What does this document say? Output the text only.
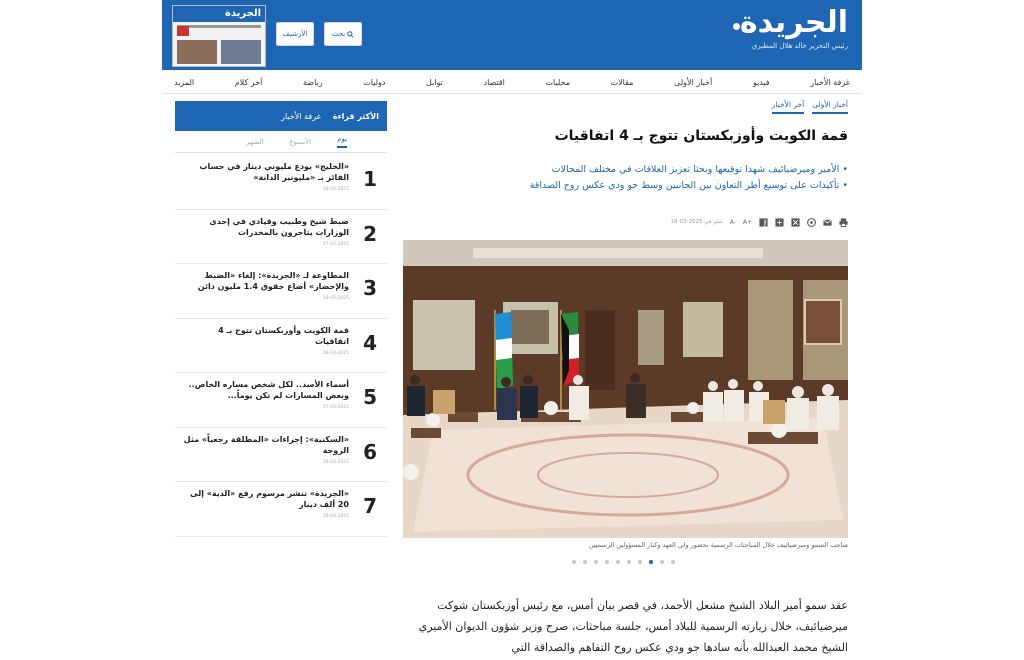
الجريدة
الأرشيف	بحث	الجريدة
رئيس التحرير خالد هلال المطيري
غرفة الأخبار
فيديو
أخبار الأولى
مقالات
محليات
اقتصاد
توابل
دوليات
رياضة
آخر كلام
المزيد
أخبار الأولى
آخر الأخبار
قمة الكويت وأوزبكستان تتوج بـ 4 اتفاقيات
• الأمير وميرضيائيف شهدا توقيعها وبحثا تعزيز العلاقات في مختلف المجالات
• تأكيدات على توسيع أطر التعاون بين الجانبين وسط جو ودي عكس روح الصداقة
A+
A-
نشر في 2025-03-18
صاحب السمو وميرضيائيف خلال المباحثات الرسمية بحضور ولي العهد وكبار المسؤولين الرسميين
عقد سمو أمير البلاد الشيخ مشعل الأحمد، في قصر بيان أمس، مع رئيس أوزبكستان شوكت ميرضيائيف، خلال زيارته الرسمية للبلاد أمس، جلسة مباحثات، صرح وزير شؤون الديوان الأميري الشيخ محمد العبدالله بأنه سادها جو ودي عكس روح التفاهم والصداقة التي
الأكثر قراءة
غرفة الأخبار
يوم
الأسبوع
الشهر
1
«الخليج» يودع مليوني دينار في حساب الفائز بـ «مليونير الدانة»
18-03-2025
2
ضبط شيخ وطبيب وقيادي في إحدى الوزارات يتاجرون بالمخدرات
17-03-2025
3
المطاوعة لـ «الجريدة»: إلغاء «الضبط والإحضار» أضاع حقوق 1.4 مليون دائن
18-03-2025
4
قمة الكويت وأوزبكستان تتوج بـ 4 اتفاقيات
18-03-2025
5
أسماء الأسد.. لكل شخص مساره الخاص.. وبعض المسارات لم تكن يوماً...
17-03-2025
6
«السكنية»: إجراءات «المطلقة رجعياً» مثل الزوجة
18-03-2025
7
«الجريدة» تنشر مرسوم رفع «الدية» إلى 20 ألف دينار
18-03-2025
